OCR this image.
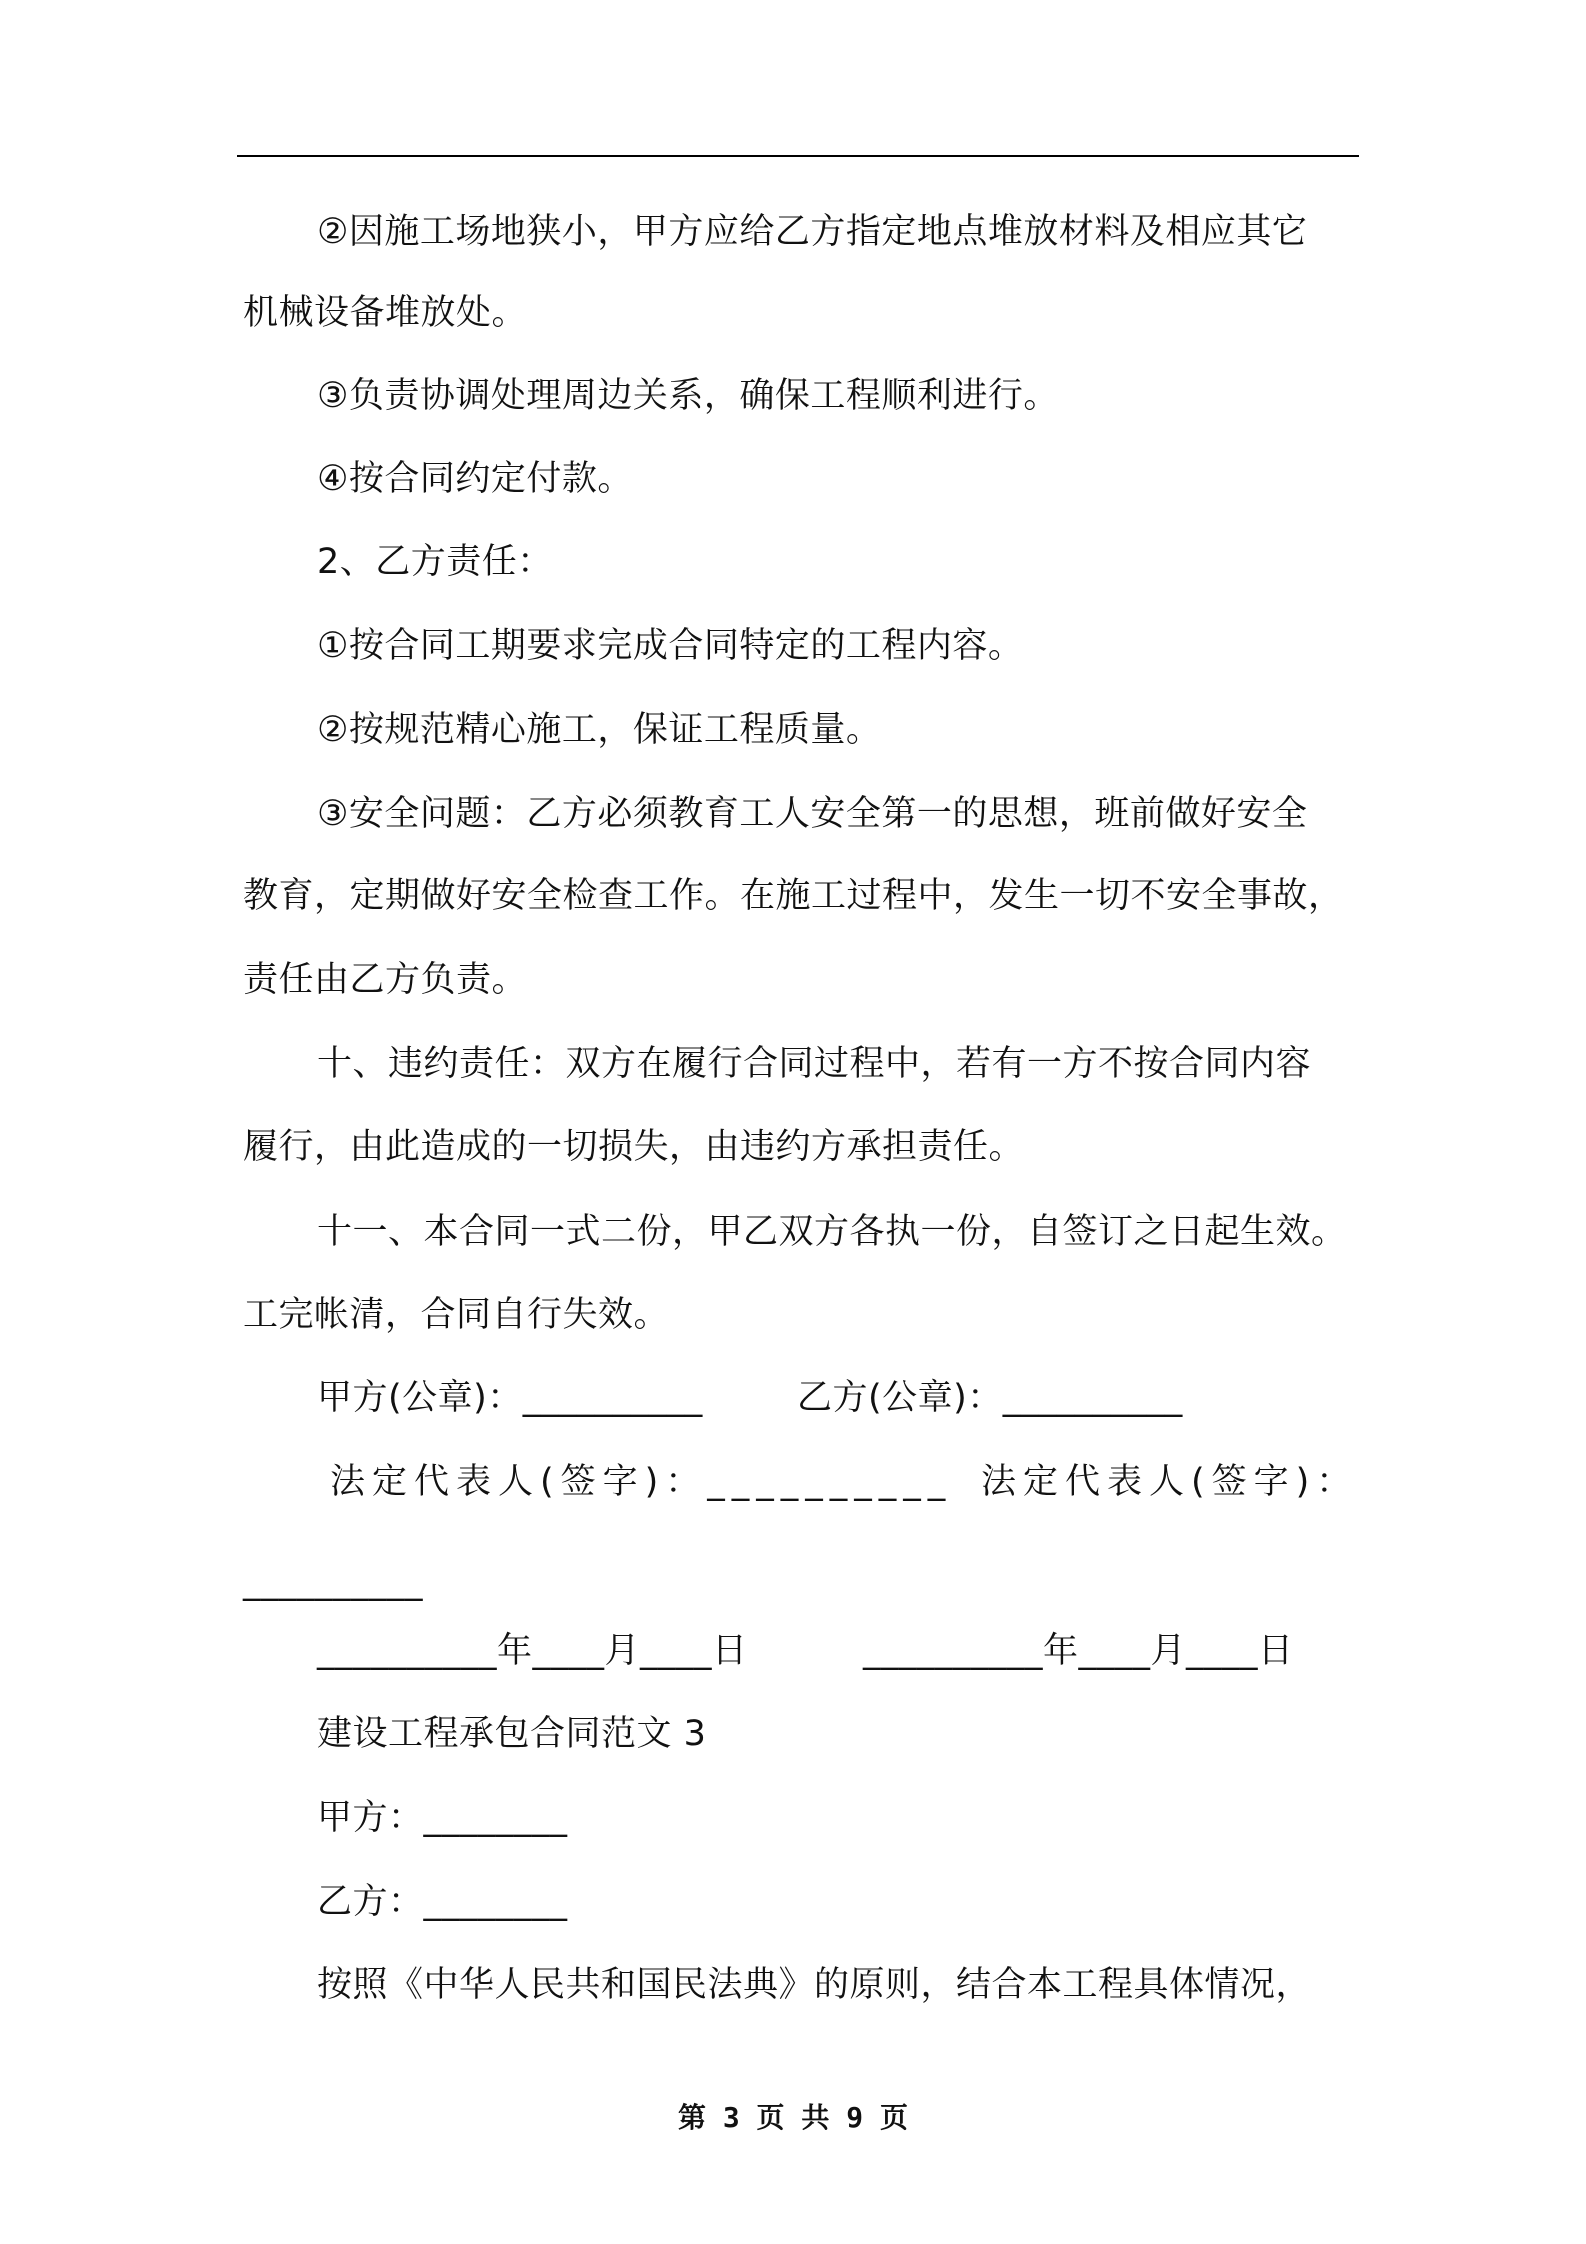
②因施工场地狭小，甲方应给乙方指定地点堆放材料及相应其它
机械设备堆放处。
③负责协调处理周边关系，确保工程顺利进行。
④按合同约定付款。
2、乙方责任：
①按合同工期要求完成合同特定的工程内容。
②按规范精心施工，保证工程质量。
③安全问题：乙方必须教育工人安全第一的思想，班前做好安全
教育，定期做好安全检查工作。在施工过程中，发生一切不安全事故，
责任由乙方负责。
十、违约责任：双方在履行合同过程中，若有一方不按合同内容
履行，由此造成的一切损失，由违约方承担责任。
十一、本合同一式二份，甲乙双方各执一份，自签订之日起生效。
工完帐清，合同自行失效。
甲方(公章)：__________	乙方(公章)：__________
法定代表人(签字)：__________ 法定代表人(签字)：
__________
__________年____月____日	__________年____月____日
建设工程承包合同范文 3
甲方：________
乙方：________
按照《中华人民共和国民法典》的原则，结合本工程具体情况，
第 3 页 共 9 页
